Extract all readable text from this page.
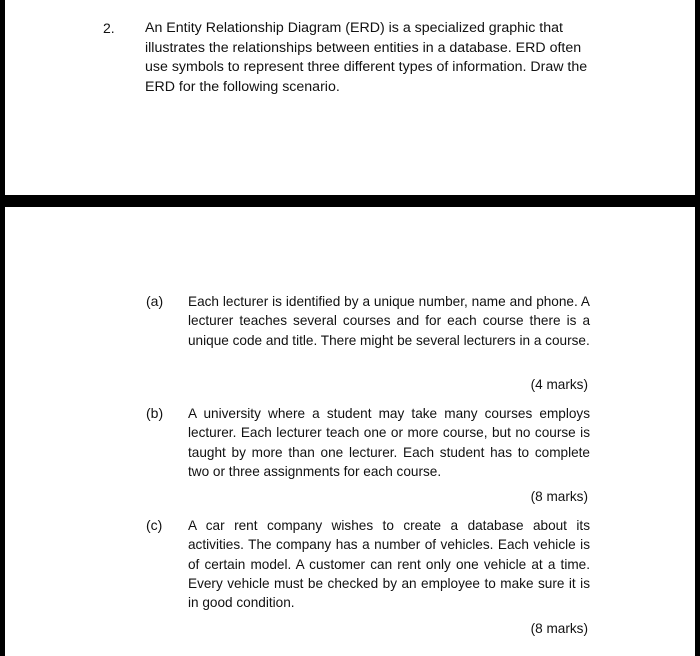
2. An Entity Relationship Diagram (ERD) is a specialized graphic that illustrates the relationships between entities in a database. ERD often use symbols to represent three different types of information. Draw the ERD for the following scenario.
(a) Each lecturer is identified by a unique number, name and phone. A lecturer teaches several courses and for each course there is a unique code and title. There might be several lecturers in a course.
(4 marks)
(b) A university where a student may take many courses employs lecturer. Each lecturer teach one or more course, but no course is taught by more than one lecturer. Each student has to complete two or three assignments for each course.
(8 marks)
(c) A car rent company wishes to create a database about its activities. The company has a number of vehicles. Each vehicle is of certain model. A customer can rent only one vehicle at a time. Every vehicle must be checked by an employee to make sure it is in good condition.
(8 marks)
